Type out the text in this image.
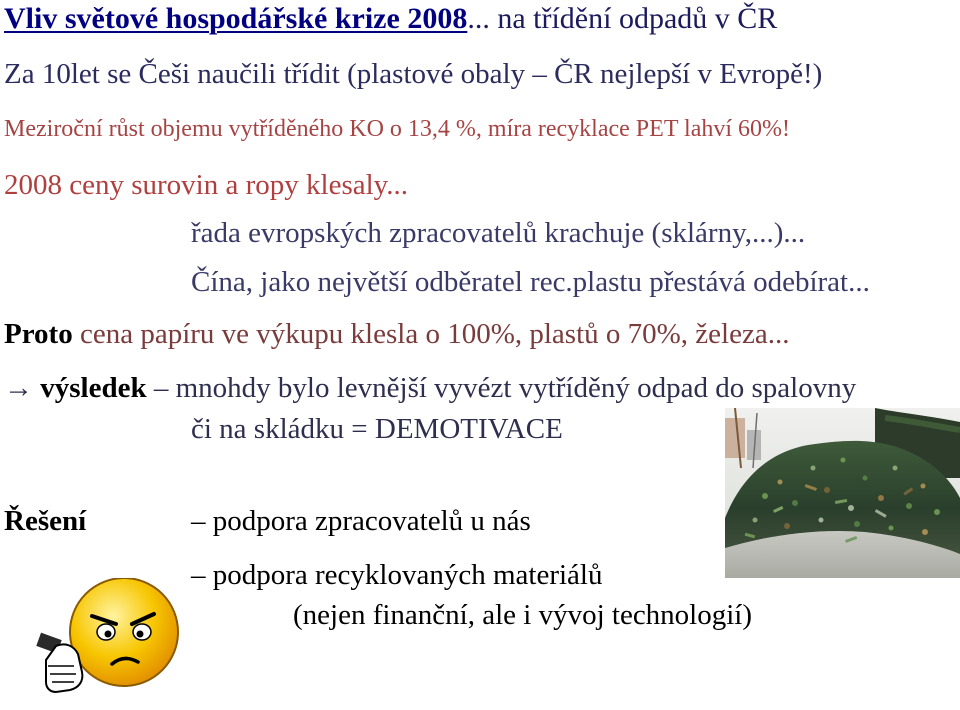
Vliv světové hospodářské krize 2008... na třídění odpadů v ČR
Za 10let se Češi naučili třídit (plastové obaly – ČR nejlepší v Evropě!)
Meziroční růst objemu vytříděného KO o 13,4 %, míra recyklace PET lahví 60%!
2008 ceny surovin a ropy klesaly...
řada evropských zpracovatelů krachuje (sklárny,...)...
Čína, jako největší odběratel rec.plastu přestává odebírat...
Proto cena papíru ve výkupu klesla o 100%, plastů o 70%, železa...
→ výsledek – mnohdy bylo levnější vyvézt vytříděný odpad do spalovny
či na skládku = DEMOTIVACE
Řešení	– podpora zpracovatelů u nás
– podpora recyklovaných materiálů
(nejen finanční, ale i vývoj technologií)
